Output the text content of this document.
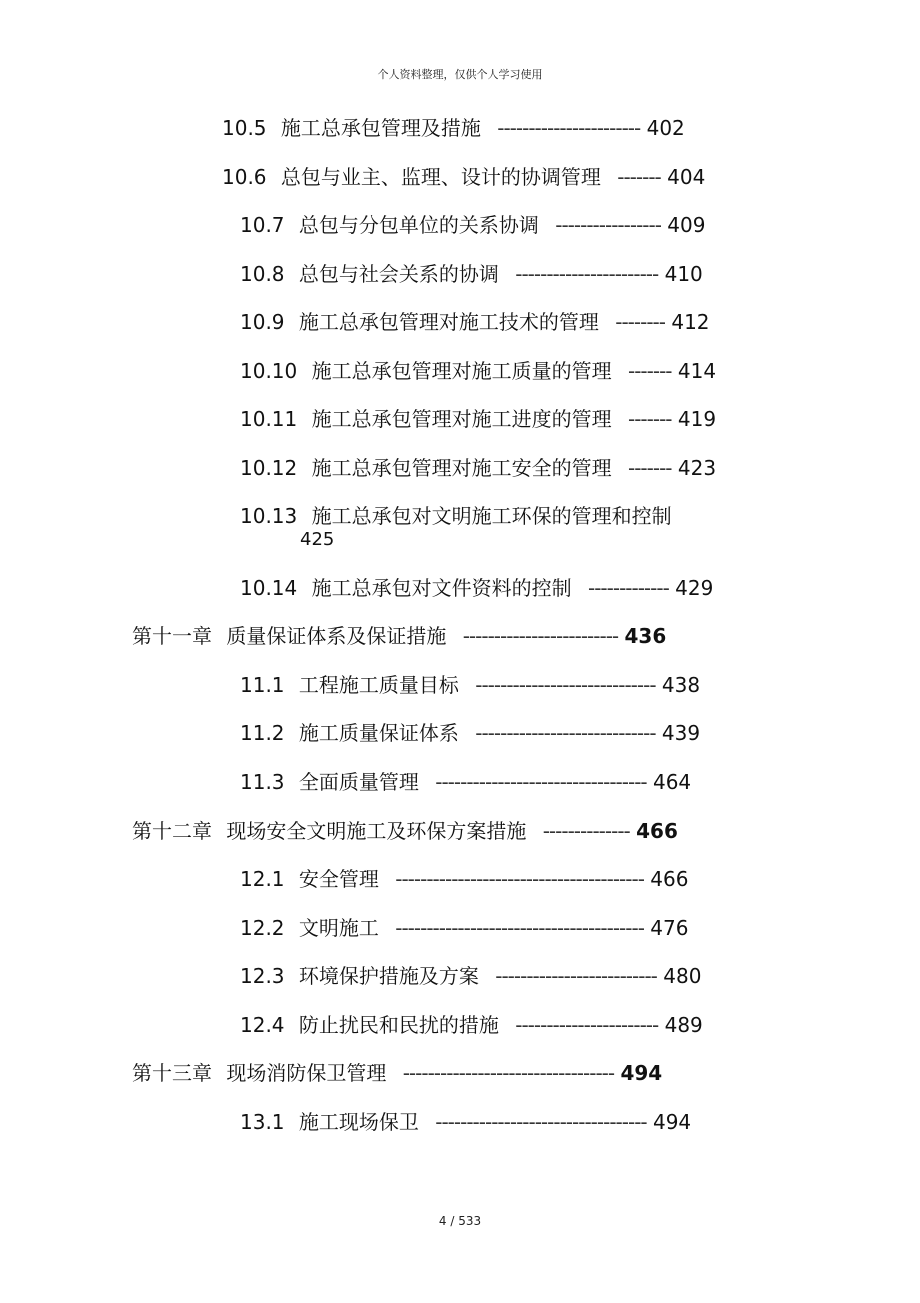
个人资料整理，仅供个人学习使用
10.5 施工总承包管理及措施 ----------------------- 402
10.6 总包与业主、监理、设计的协调管理 ------- 404
10.7 总包与分包单位的关系协调 ----------------- 409
10.8 总包与社会关系的协调 ----------------------- 410
10.9 施工总承包管理对施工技术的管理 -------- 412
10.10 施工总承包管理对施工质量的管理 ------- 414
10.11 施工总承包管理对施工进度的管理 ------- 419
10.12 施工总承包管理对施工安全的管理 ------- 423
10.13 施工总承包对文明施工环保的管理和控制
425
10.14 施工总承包对文件资料的控制 ------------- 429
第十一章 质量保证体系及保证措施 ------------------------- 436
11.1 工程施工质量目标 ----------------------------- 438
11.2 施工质量保证体系 ----------------------------- 439
11.3 全面质量管理 ---------------------------------- 464
第十二章 现场安全文明施工及环保方案措施 -------------- 466
12.1 安全管理 ---------------------------------------- 466
12.2 文明施工 ---------------------------------------- 476
12.3 环境保护措施及方案 -------------------------- 480
12.4 防止扰民和民扰的措施 ----------------------- 489
第十三章 现场消防保卫管理 ---------------------------------- 494
13.1 施工现场保卫 ---------------------------------- 494
4 / 533
